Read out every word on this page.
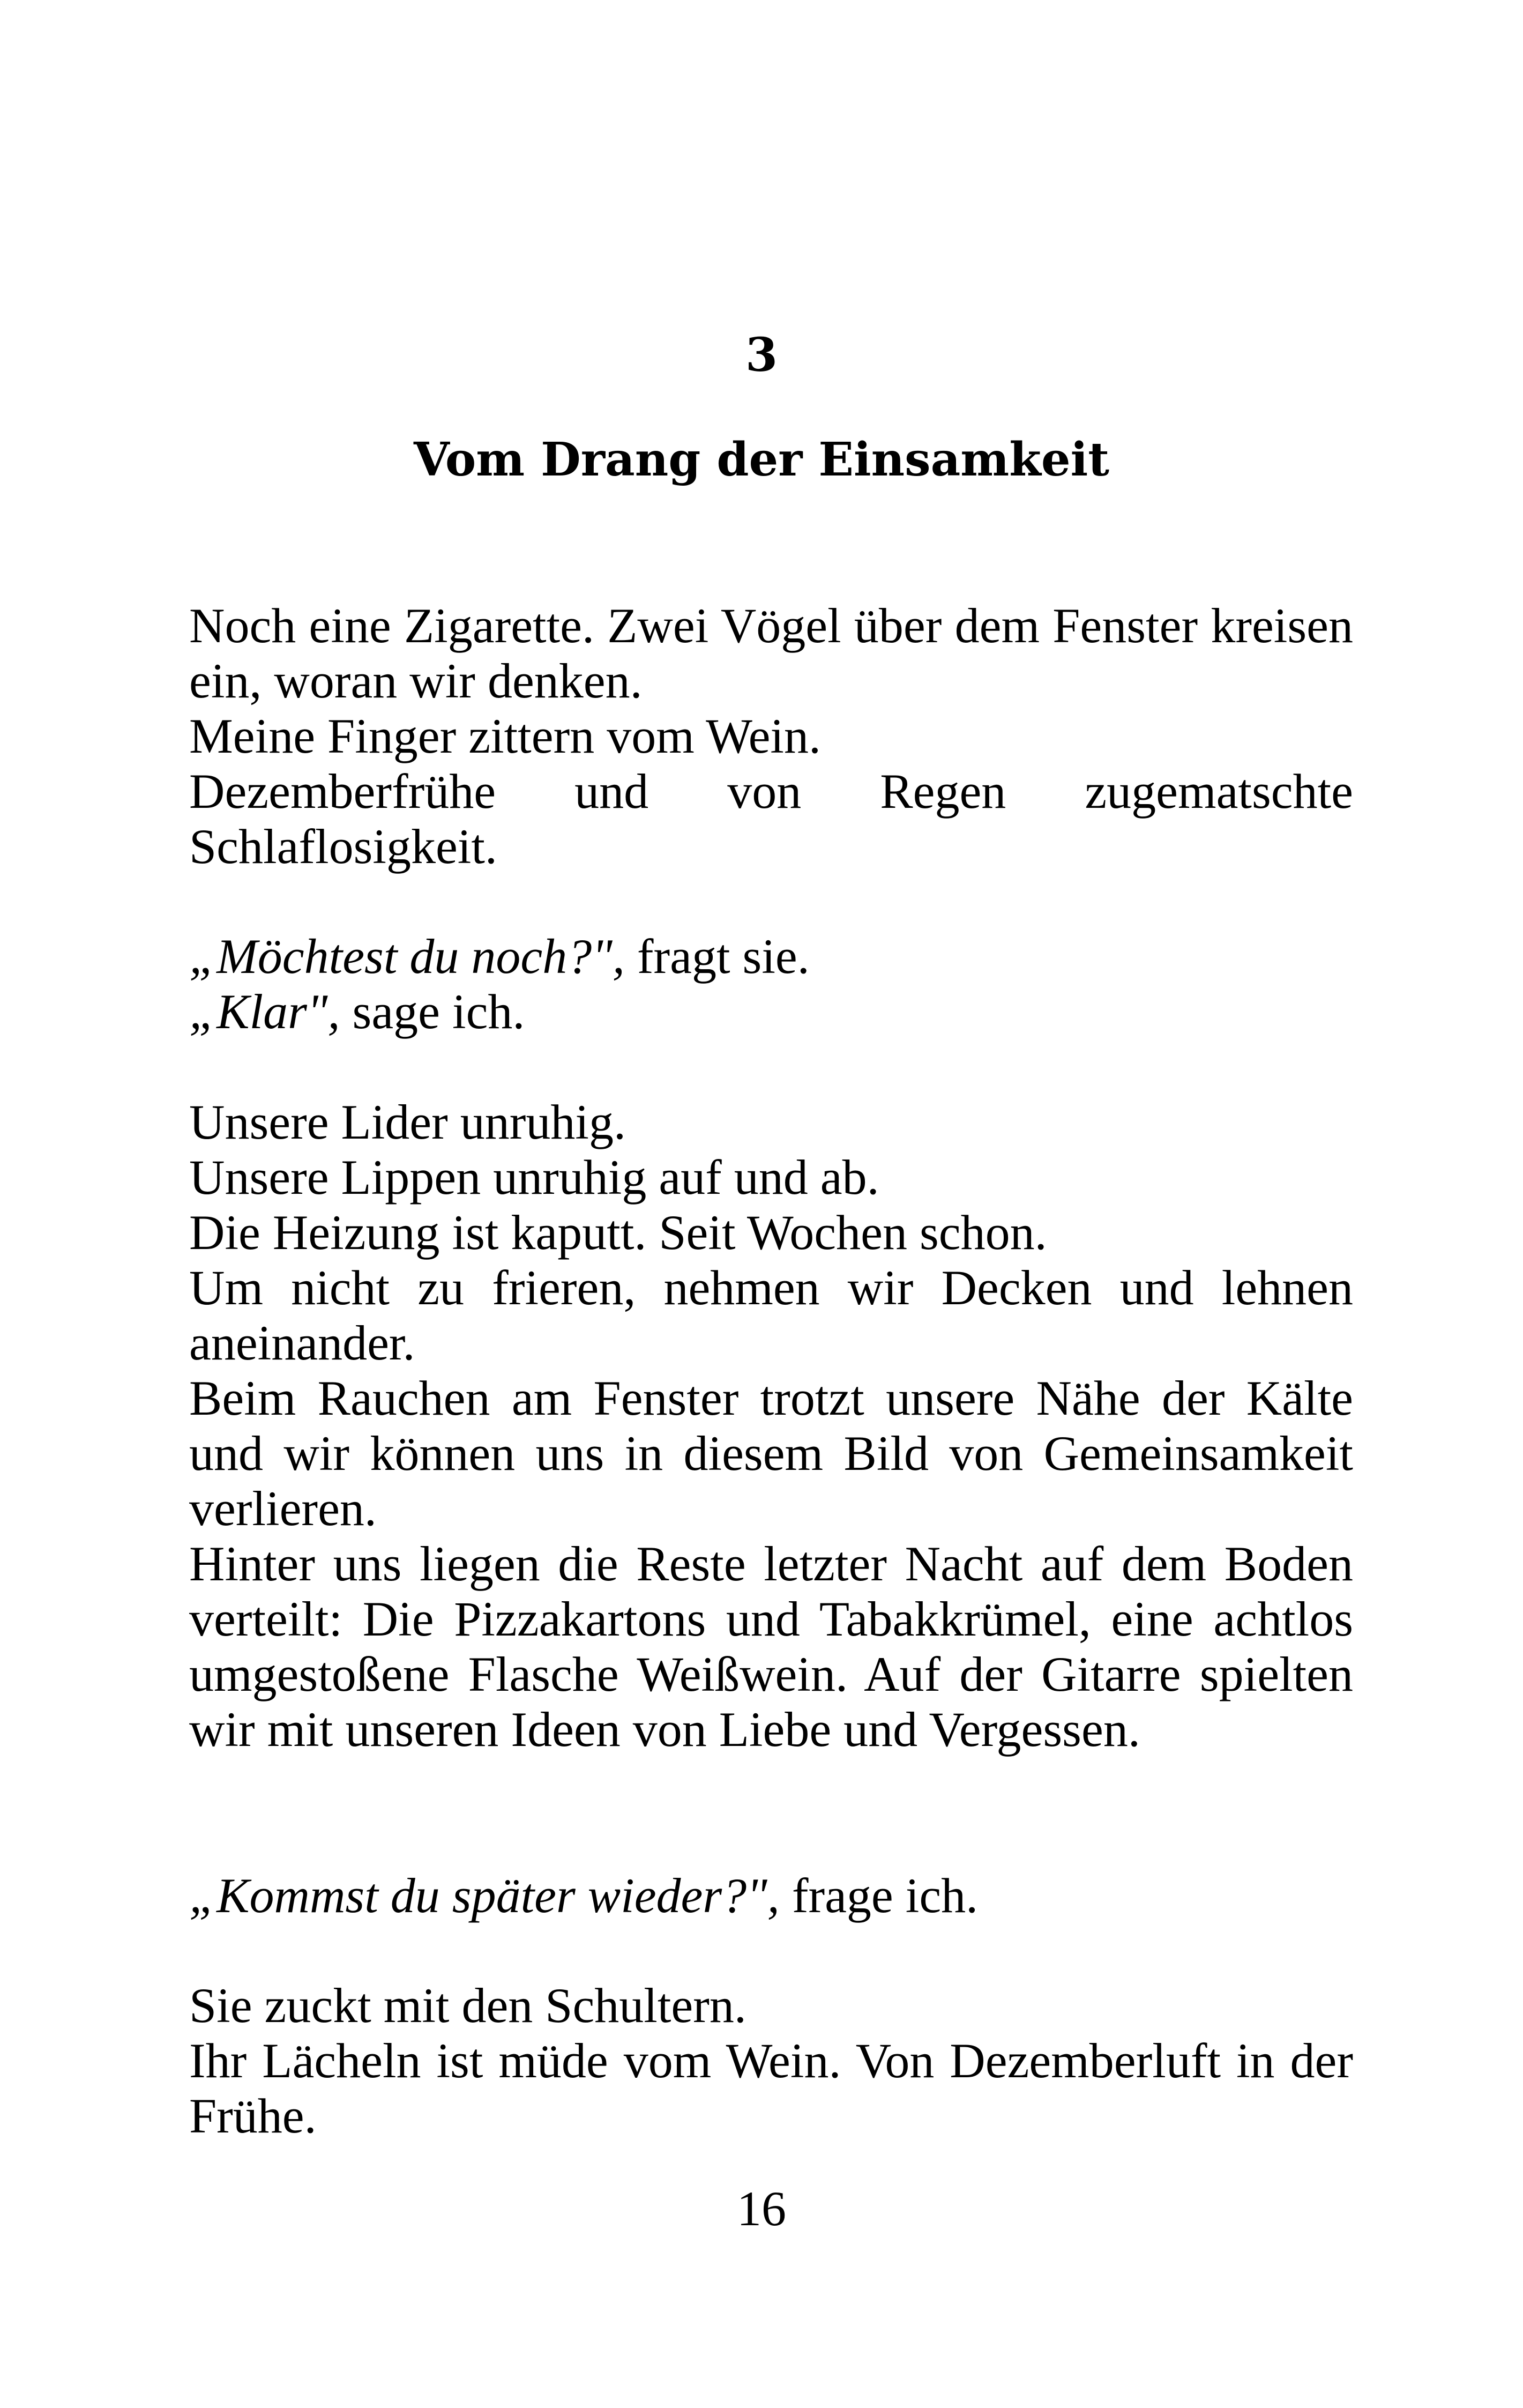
3
Vom Drang der Einsamkeit

Noch eine Zigarette. Zwei Vögel über dem Fenster kreisen ein, woran wir denken.

Meine Finger zittern vom Wein.

Dezemberfrühe und von Regen zugematschte Schlaflosigkeit.

„Möchtest du noch?", fragt sie.

„Klar", sage ich.

Unsere Lider unruhig.

Unsere Lippen unruhig auf und ab.

Die Heizung ist kaputt. Seit Wochen schon.

Um nicht zu frieren, nehmen wir Decken und lehnen aneinander.

Beim Rauchen am Fenster trotzt unsere Nähe der Kälte und wir können uns in diesem Bild von Gemeinsamkeit verlieren.

Hinter uns liegen die Reste letzter Nacht auf dem Boden verteilt: Die Pizzakartons und Tabakkrümel, eine achtlos umgestoßene Flasche Weißwein. Auf der Gitarre spielten wir mit unseren Ideen von Liebe und Vergessen.

„Kommst du später wieder?", frage ich.

Sie zuckt mit den Schultern.

Ihr Lächeln ist müde vom Wein. Von Dezemberluft in der Frühe.

16
